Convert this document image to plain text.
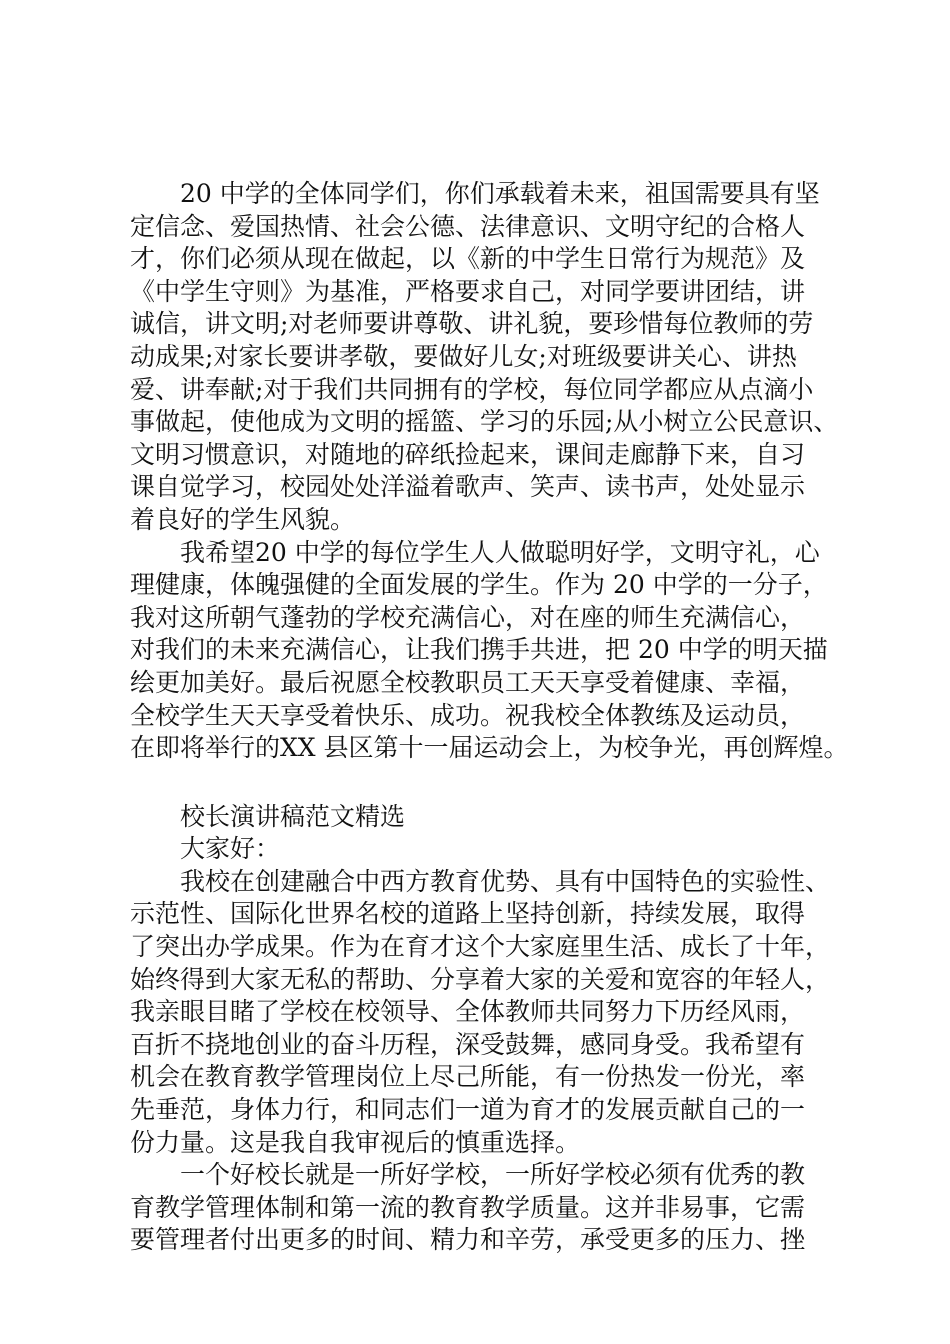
20 中学的全体同学们，你们承载着未来，祖国需要具有坚
定信念、爱国热情、社会公德、法律意识、文明守纪的合格人
才，你们必须从现在做起，以《新的中学生日常行为规范》及
《中学生守则》为基准，严格要求自己，对同学要讲团结，讲
诚信，讲文明;对老师要讲尊敬、讲礼貌，要珍惜每位教师的劳
动成果;对家长要讲孝敬，要做好儿女;对班级要讲关心、讲热
爱、讲奉献;对于我们共同拥有的学校，每位同学都应从点滴小
事做起，使他成为文明的摇篮、学习的乐园;从小树立公民意识、
文明习惯意识，对随地的碎纸捡起来，课间走廊静下来，自习
课自觉学习，校园处处洋溢着歌声、笑声、读书声，处处显示
着良好的学生风貌。
我希望20 中学的每位学生人人做聪明好学，文明守礼，心
理健康，体魄强健的全面发展的学生。作为 20 中学的一分子，
我对这所朝气蓬勃的学校充满信心，对在座的师生充满信心，
对我们的未来充满信心，让我们携手共进，把 20 中学的明天描
绘更加美好。最后祝愿全校教职员工天天享受着健康、幸福，
全校学生天天享受着快乐、成功。祝我校全体教练及运动员，
在即将举行的XX 县区第十一届运动会上，为校争光，再创辉煌。
校长演讲稿范文精选
大家好：
我校在创建融合中西方教育优势、具有中国特色的实验性、
示范性、国际化世界名校的道路上坚持创新，持续发展，取得
了突出办学成果。作为在育才这个大家庭里生活、成长了十年，
始终得到大家无私的帮助、分享着大家的关爱和宽容的年轻人，
我亲眼目睹了学校在校领导、全体教师共同努力下历经风雨，
百折不挠地创业的奋斗历程，深受鼓舞，感同身受。我希望有
机会在教育教学管理岗位上尽己所能，有一份热发一份光，率
先垂范，身体力行，和同志们一道为育才的发展贡献自己的一
份力量。这是我自我审视后的慎重选择。
一个好校长就是一所好学校，一所好学校必须有优秀的教
育教学管理体制和第一流的教育教学质量。这并非易事，它需
要管理者付出更多的时间、精力和辛劳，承受更多的压力、挫
